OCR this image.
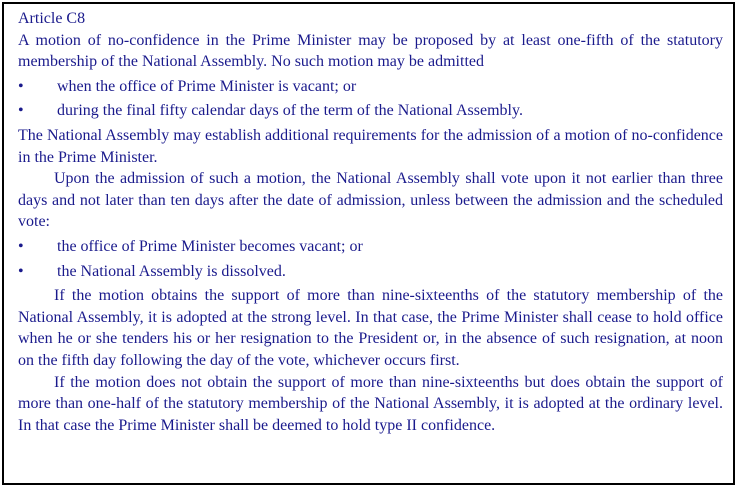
Article C8

A motion of no-confidence in the Prime Minister may be proposed by at least one-fifth of the statutory membership of the National Assembly. No such motion may be admitted

• when the office of Prime Minister is vacant; or
• during the final fifty calendar days of the term of the National Assembly.

The National Assembly may establish additional requirements for the admission of a motion of no-confidence in the Prime Minister.

Upon the admission of such a motion, the National Assembly shall vote upon it not earlier than three days and not later than ten days after the date of admission, unless between the admission and the scheduled vote:

• the office of Prime Minister becomes vacant; or
• the National Assembly is dissolved.

If the motion obtains the support of more than nine-sixteenths of the statutory membership of the National Assembly, it is adopted at the strong level. In that case, the Prime Minister shall cease to hold office when he or she tenders his or her resignation to the President or, in the absence of such resignation, at noon on the fifth day following the day of the vote, whichever occurs first.

If the motion does not obtain the support of more than nine-sixteenths but does obtain the support of more than one-half of the statutory membership of the National Assembly, it is adopted at the ordinary level. In that case the Prime Minister shall be deemed to hold type II confidence.
